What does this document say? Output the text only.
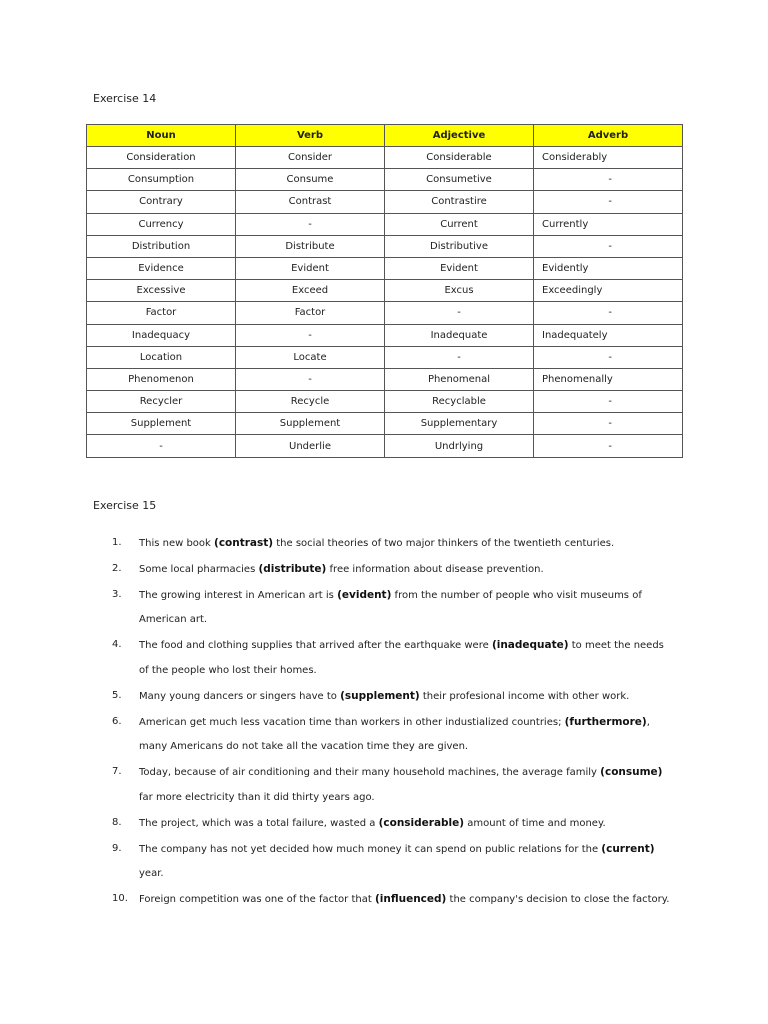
Exercise 14
Noun	Verb	Adjective	Adverb
Consideration	Consider	Considerable	Considerably
Consumption	Consume	Consumetive	-
Contrary	Contrast	Contrastire	-
Currency	-	Current	Currently
Distribution	Distribute	Distributive	-
Evidence	Evident	Evident	Evidently
Excessive	Exceed	Excus	Exceedingly
Factor	Factor	-	-
Inadequacy	-	Inadequate	Inadequately
Location	Locate	-	-
Phenomenon	-	Phenomenal	Phenomenally
Recycler	Recycle	Recyclable	-
Supplement	Supplement	Supplementary	-
-	Underlie	Undrlying	-
Exercise 15
1. This new book (contrast) the social theories of two major thinkers of the twentieth centuries.
2. Some local pharmacies (distribute) free information about disease prevention.
3. The growing interest in American art is (evident) from the number of people who visit museums of American art.
4. The food and clothing supplies that arrived after the earthquake were (inadequate) to meet the needs of the people who lost their homes.
5. Many young dancers or singers have to (supplement) their profesional income with other work.
6. American get much less vacation time than workers in other industialized countries; (furthermore), many Americans do not take all the vacation time they are given.
7. Today, because of air conditioning and their many household machines, the average family (consume) far more electricity than it did thirty years ago.
8. The project, which was a total failure, wasted a (considerable) amount of time and money.
9. The company has not yet decided how much money it can spend on public relations for the (current) year.
10. Foreign competition was one of the factor that (influenced) the company's decision to close the factory.
